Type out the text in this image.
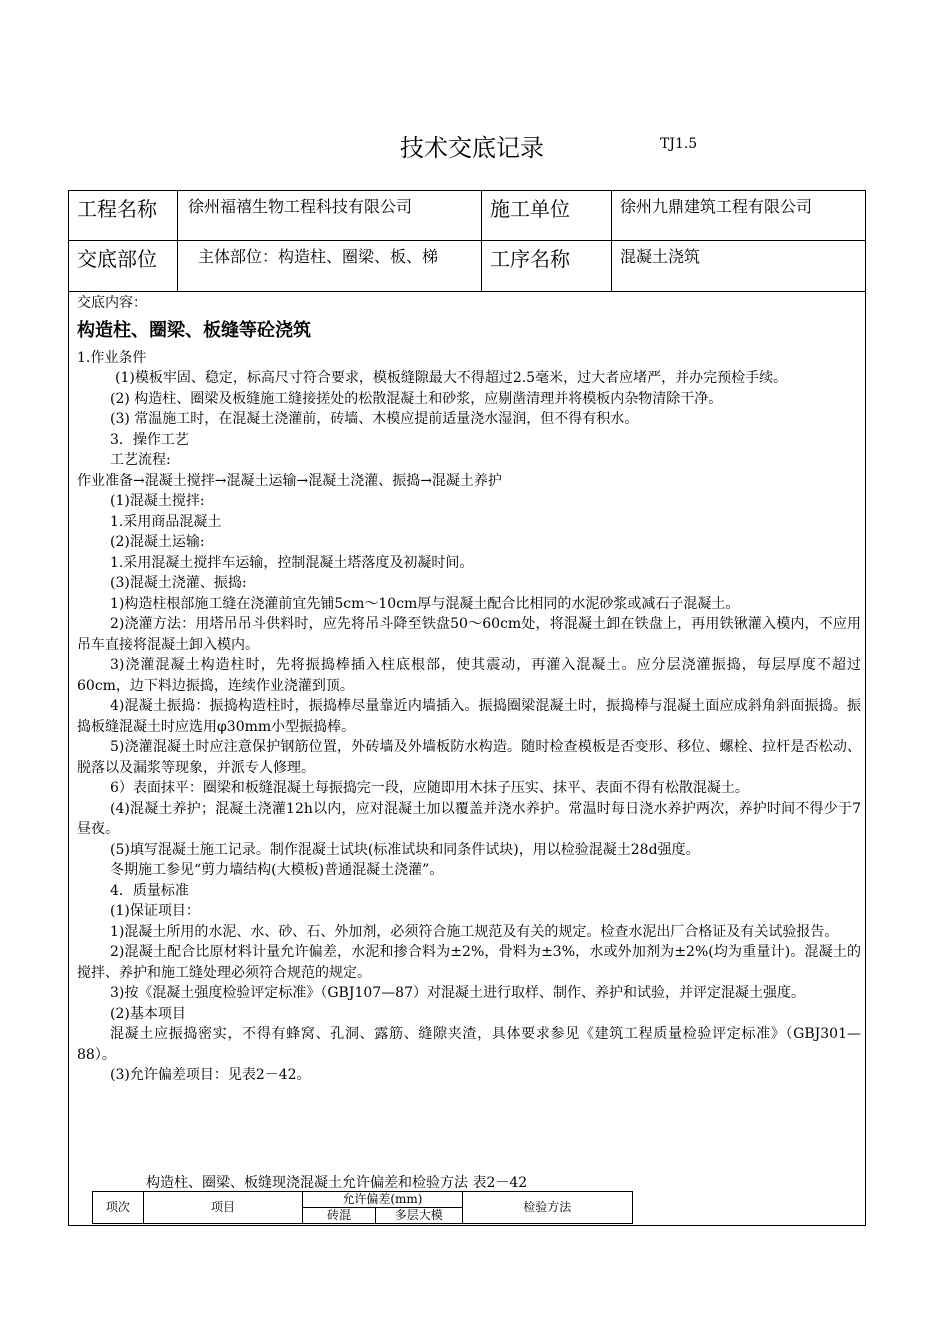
技术交底记录	TJ1.5
工程名称	徐州福禧生物工程科技有限公司	施工单位	徐州九鼎建筑工程有限公司
交底部位	主体部位：构造柱、圈梁、板、梯	工序名称	混凝土浇筑

交底内容：

构造柱、圈梁、板缝等砼浇筑

1.作业条件

(1)模板牢固、稳定，标高尺寸符合要求，模板缝隙最大不得超过2.5毫米，过大者应堵严，并办完预检手续。

(2) 构造柱、圈梁及板缝施工缝接搓处的松散混凝土和砂浆，应剔凿清理并将模板内杂物清除干净。

(3) 常温施工时，在混凝土浇灌前，砖墙、木模应提前适量浇水湿润，但不得有积水。

3．操作工艺

工艺流程:

作业准备→混凝土搅拌→混凝土运输→混凝土浇灌、振捣→混凝土养护

(1)混凝土搅拌:

1.采用商品混凝土

(2)混凝土运输:

1.采用混凝土搅拌车运输，控制混凝土塔落度及初凝时间。

(3)混凝土浇灌、振捣:

1)构造柱根部施工缝在浇灌前宜先铺5cm～10cm厚与混凝土配合比相同的水泥砂浆或减石子混凝土。

2)浇灌方法：用塔吊吊斗供料时，应先将吊斗降至铁盘50～60cm处，将混凝土卸在铁盘上，再用铁锹灌入模内，不应用吊车直接将混凝土卸入模内。

3)浇灌混凝土构造柱时，先将振捣棒插入柱底根部，使其震动，再灌入混凝土。应分层浇灌振捣，每层厚度不超过60cm，边下料边振捣，连续作业浇灌到顶。

4)混凝土振捣：振捣构造柱时，振捣棒尽量靠近内墙插入。振捣圈梁混凝土时，振捣棒与混凝土面应成斜角斜面振捣。振捣板缝混凝土时应选用φ30mm小型振捣棒。

5)浇灌混凝土时应注意保护钢筋位置，外砖墙及外墙板防水构造。随时检查模板是否变形、移位、螺栓、拉杆是否松动、脱落以及漏浆等现象，并派专人修理。

6）表面抹平：圈梁和板缝混凝土每振捣完一段，应随即用木抹子压实、抹平、表面不得有松散混凝土。

(4)混凝土养护；混凝土浇灌12h以内，应对混凝土加以覆盖并浇水养护。常温时每日浇水养护两次，养护时间不得少于7昼夜。

(5)填写混凝土施工记录。制作混凝土试块(标准试块和同条件试块)，用以检验混凝土28d强度。

冬期施工参见“剪力墙结构(大模板)普通混凝土浇灌”。

4．质量标准

(1)保证项目：

1)混凝土所用的水泥、水、砂、石、外加剂，必须符合施工规范及有关的规定。检查水泥出厂合格证及有关试验报告。

2)混凝土配合比原材料计量允许偏差，水泥和掺合料为±2%，骨料为±3%，水或外加剂为±2%(均为重量计)。混凝土的搅拌、养护和施工缝处理必须符合规范的规定。

3)按《混凝土强度检验评定标准》（GBJ107—87）对混凝土进行取样、制作、养护和试验，并评定混凝土强度。

(2)基本项目

混凝土应振捣密实，不得有蜂窝、孔洞、露筋、缝隙夹渣，具体要求参见《建筑工程质量检验评定标准》（GBJ301—88）。

(3)允许偏差项目：见表2－42。

构造柱、圈梁、板缝现浇混凝土允许偏差和检验方法 表2－42
项次	项目	允许偏差(mm)		检验方法
		砖混	多层大模	
